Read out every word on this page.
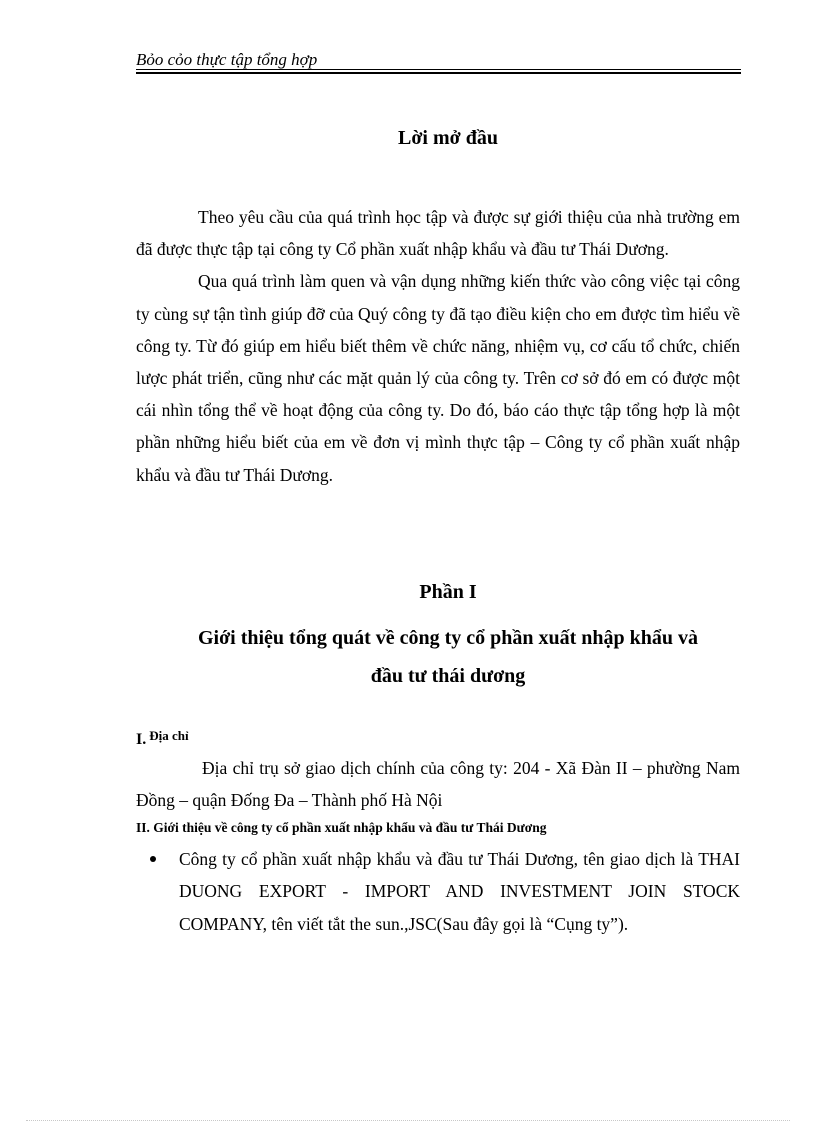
Bỏo cỏo thực tập tổng hợp
Lời mở đầu

Theo yêu cầu của quá trình học tập và được sự giới thiệu của nhà trường em đã được thực tập tại công ty Cổ phần xuất nhập khẩu và đầu tư Thái Dương.

Qua quá trình làm quen và vận dụng những kiến thức vào công việc tại công ty cùng sự tận tình giúp đỡ của Quý công ty đã tạo điều kiện cho em được tìm hiểu về công ty. Từ đó giúp em hiểu biết thêm về chức năng, nhiệm vụ, cơ cấu tổ chức, chiến lược phát triển, cũng như các mặt quản lý của công ty. Trên cơ sở đó em có được một cái nhìn tổng thể về hoạt động của công ty. Do đó, báo cáo thực tập tổng hợp là một phần những hiểu biết của em về đơn vị mình thực tập – Công ty cổ phần xuất nhập khẩu và đầu tư Thái Dương.

Phần I
Giới thiệu tổng quát về công ty cổ phần xuất nhập khẩu và
đầu tư thái dương
I. Địa chỉ

Địa chỉ trụ sở giao dịch chính của công ty: 204 - Xã Đàn II – phường Nam Đồng – quận Đống Đa – Thành phố Hà Nội

II. Giới thiệu về công ty cổ phần xuất nhập khẩu và đầu tư Thái Dương
Công ty cổ phần xuất nhập khẩu và đầu tư Thái Dương, tên giao dịch là THAI DUONG EXPORT - IMPORT AND INVESTMENT JOIN STOCK COMPANY, tên viết tắt the sun.,JSC(Sau đây gọi là “Cụng ty”).
